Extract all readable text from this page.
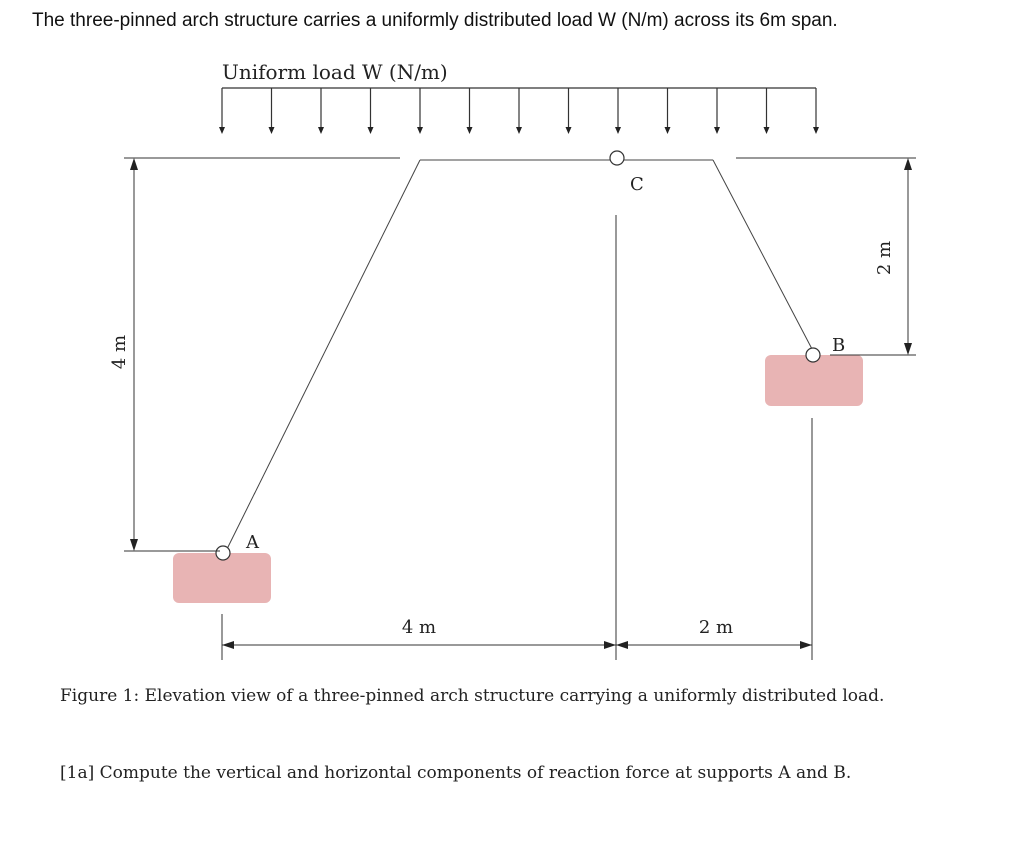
The three-pinned arch structure carries a uniformly distributed load W (N/m) across its 6m span.
Uniform load W (N/m)
A
B
C
4 m
2 m
4 m	2 m
Figure 1: Elevation view of a three-pinned arch structure carrying a uniformly distributed load.
[1a] Compute the vertical and horizontal components of reaction force at supports A and B.
